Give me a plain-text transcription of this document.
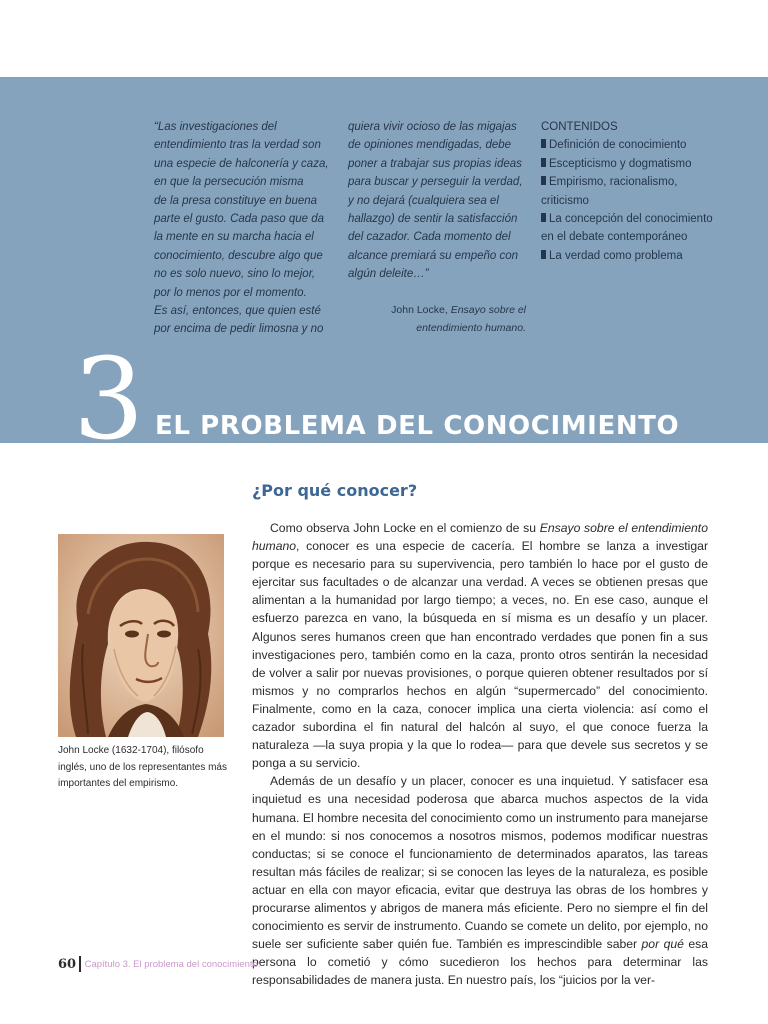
“Las investigaciones del
entendimiento tras la verdad son
una especie de halconería y caza,
en que la persecución misma
de la presa constituye en buena
parte el gusto. Cada paso que da
la mente en su marcha hacia el
conocimiento, descubre algo que
no es solo nuevo, sino lo mejor,
por lo menos por el momento.
Es así, entonces, que quien esté
por encima de pedir limosna y no

quiera vivir ocioso de las migajas
de opiniones mendigadas, debe
poner a trabajar sus propias ideas
para buscar y perseguir la verdad,
y no dejará (cualquiera sea el
hallazgo) de sentir la satisfacción
del cazador. Cada momento del
alcance premiará su empeño con
algún deleite…”

John Locke, Ensayo sobre el entendimiento humano.

CONTENIDOS

Definición de conocimiento
Escepticismo y dogmatismo
Empirismo, racionalismo, criticismo
La concepción del conocimiento en el debate contemporáneo
La verdad como problema
3 EL PROBLEMA DEL CONOCIMIENTO
¿Por qué conocer?

John Locke (1632-1704), filósofo inglés, uno de los representantes más importantes del empirismo.

Como observa John Locke en el comienzo de su Ensayo sobre el entendimiento humano, conocer es una especie de cacería. El hombre se lanza a investigar porque es necesario para su supervivencia, pero también lo hace por el gusto de ejercitar sus facultades o de alcanzar una verdad. A veces se obtienen presas que alimentan a la humanidad por largo tiempo; a veces, no. En ese caso, aunque el esfuerzo parezca en vano, la búsqueda en sí misma es un desafío y un placer. Algunos seres humanos creen que han encontrado verdades que ponen fin a sus investigaciones pero, también como en la caza, pronto otros sentirán la necesidad de volver a salir por nuevas provisiones, o porque quieren obtener resultados por sí mismos y no comprarlos hechos en algún “supermercado” del conocimiento. Finalmente, como en la caza, conocer implica una cierta violencia: así como el cazador subordina el fin natural del halcón al suyo, el que conoce fuerza la naturaleza —la suya propia y la que lo rodea— para que devele sus secretos y se ponga a su servicio.

Además de un desafío y un placer, conocer es una inquietud. Y satisfacer esa inquietud es una necesidad poderosa que abarca muchos aspectos de la vida humana. El hombre necesita del conocimiento como un instrumento para manejarse en el mundo: si nos conocemos a nosotros mismos, podemos modificar nuestras conductas; si se conoce el funcionamiento de determinados aparatos, las tareas resultan más fáciles de realizar; si se conocen las leyes de la naturaleza, es posible actuar en ella con mayor eficacia, evitar que destruya las obras de los hombres y procurarse alimentos y abrigos de manera más eficiente. Pero no siempre el fin del conocimiento es servir de instrumento. Cuando se comete un delito, por ejemplo, no suele ser suficiente saber quién fue. También es imprescindible saber por qué esa persona lo cometió y cómo sucedieron los hechos para determinar las responsabilidades de manera justa. En nuestro país, los “juicios por la ver-

60 Capítulo 3. El problema del conocimiento.
